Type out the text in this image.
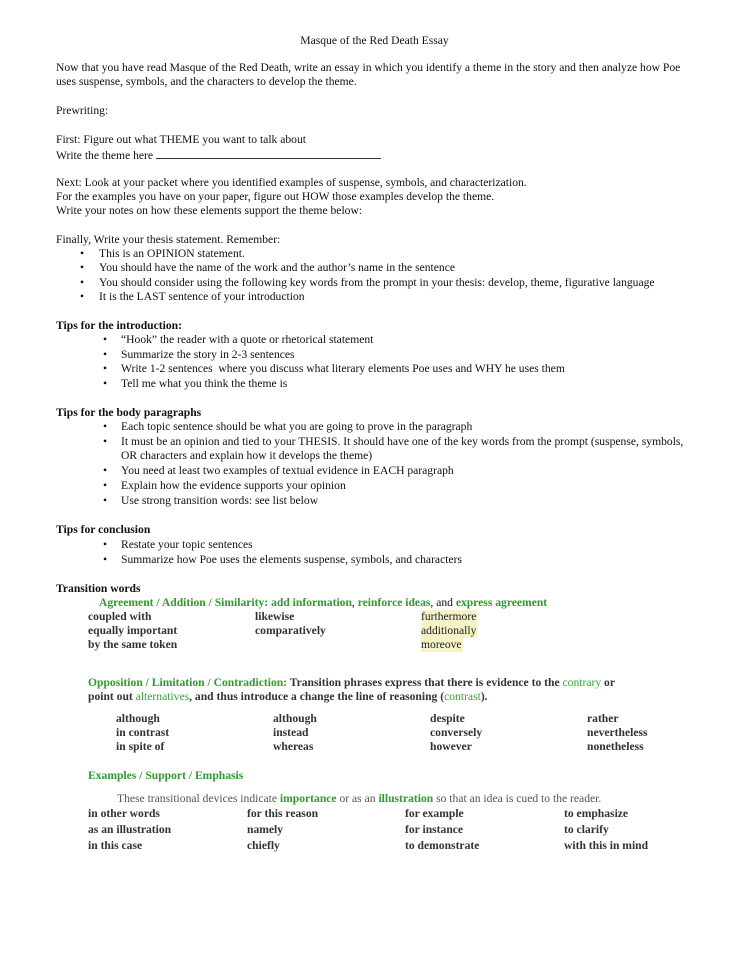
Masque of the Red Death Essay
Now that you have read Masque of the Red Death, write an essay in which you identify a theme in the story and then analyze how Poe
uses suspense, symbols, and the characters to develop the theme.
Prewriting:
First: Figure out what THEME you want to talk about
Write the theme here
Next: Look at your packet where you identified examples of suspense, symbols, and characterization.
For the examples you have on your paper, figure out HOW those examples develop the theme.
Write your notes on how these elements support the theme below:
Finally, Write your thesis statement. Remember:
• This is an OPINION statement.
• You should have the name of the work and the author’s name in the sentence
• You should consider using the following key words from the prompt in your thesis: develop, theme, figurative language
• It is the LAST sentence of your introduction
Tips for the introduction:
• “Hook” the reader with a quote or rhetorical statement
• Summarize the story in 2-3 sentences
• Write 1-2 sentences  where you discuss what literary elements Poe uses and WHY he uses them
• Tell me what you think the theme is
Tips for the body paragraphs
• Each topic sentence should be what you are going to prove in the paragraph
• It must be an opinion and tied to your THESIS. It should have one of the key words from the prompt (suspense, symbols,
OR characters and explain how it develops the theme)
• You need at least two examples of textual evidence in EACH paragraph
• Explain how the evidence supports your opinion
• Use strong transition words: see list below
Tips for conclusion
• Restate your topic sentences
• Summarize how Poe uses the elements suspense, symbols, and characters
Transition words
Agreement / Addition / Similarity: add information, reinforce ideas, and express agreement
coupled with
equally important
by the same token
likewise
comparatively
furthermore
additionally
moreove
Opposition / Limitation / Contradiction: Transition phrases express that there is evidence to the contrary or
point out alternatives, and thus introduce a change the line of reasoning (contrast).
although
in contrast
in spite of
although
instead
whereas
despite
conversely
however
rather
nevertheless
nonetheless
Examples / Support / Emphasis
These transitional devices indicate importance or as an illustration so that an idea is cued to the reader.
in other words
as an illustration
in this case
for this reason
namely
chiefly
for example
for instance
to demonstrate
to emphasize
to clarify
with this in mind
